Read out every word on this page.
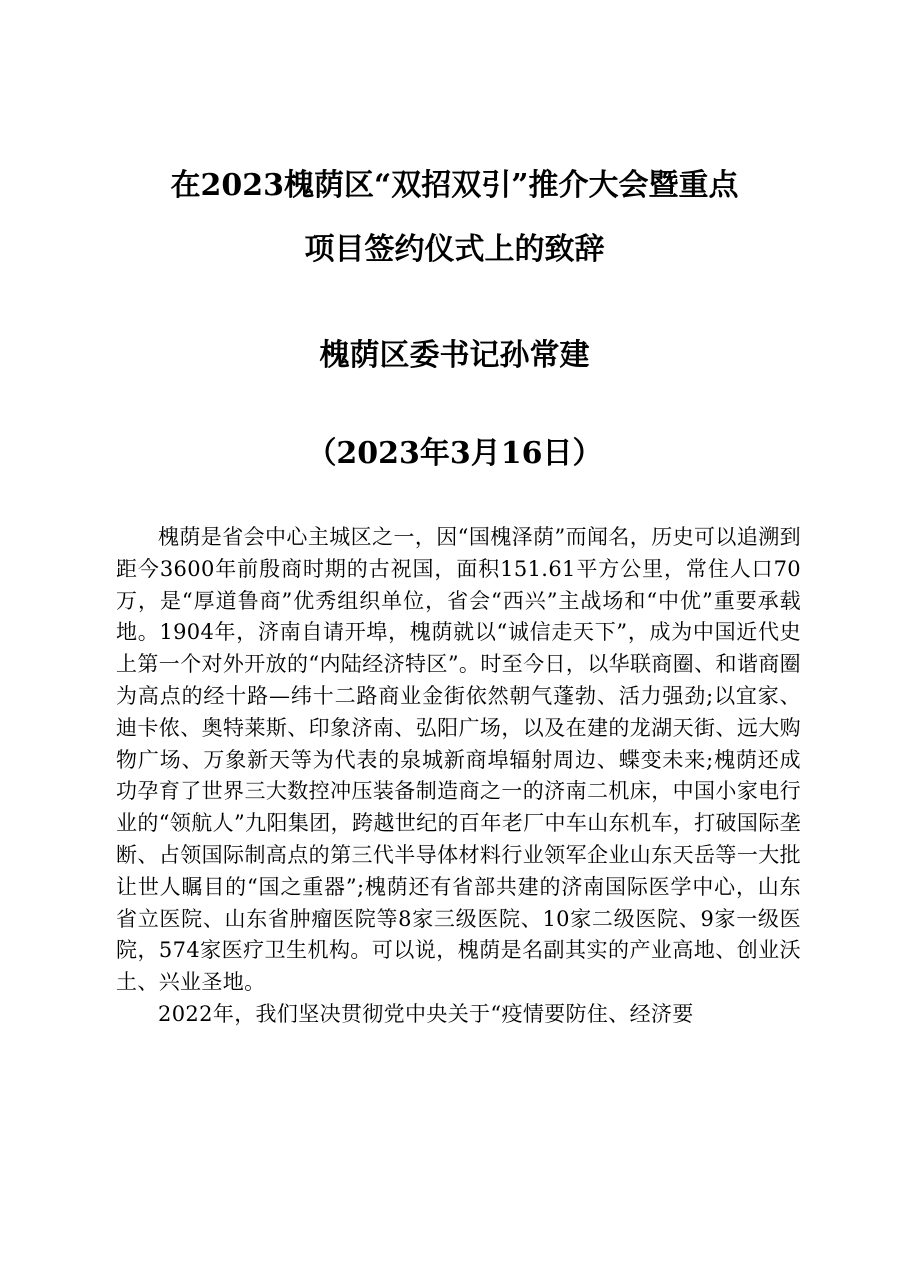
在2023槐荫区“双招双引”推介大会暨重点
项目签约仪式上的致辞
槐荫区委书记孙常建
（2023年3月16日）

槐荫是省会中心主城区之一，因“国槐泽荫”而闻名，历史可以追溯到距今3600年前殷商时期的古祝国，面积151.61平方公里，常住人口70万，是“厚道鲁商”优秀组织单位，省会“西兴”主战场和“中优”重要承载地。1904年，济南自请开埠，槐荫就以“诚信走天下”，成为中国近代史上第一个对外开放的“内陆经济特区”。时至今日，以华联商圈、和谐商圈为高点的经十路—纬十二路商业金街依然朝气蓬勃、活力强劲;以宜家、迪卡侬、奥特莱斯、印象济南、弘阳广场，以及在建的龙湖天街、远大购物广场、万象新天等为代表的泉城新商埠辐射周边、蝶变未来;槐荫还成功孕育了世界三大数控冲压装备制造商之一的济南二机床，中国小家电行业的“领航人”九阳集团，跨越世纪的百年老厂中车山东机车，打破国际垄断、占领国际制高点的第三代半导体材料行业领军企业山东天岳等一大批让世人瞩目的“国之重器”;槐荫还有省部共建的济南国际医学中心，山东省立医院、山东省肿瘤医院等8家三级医院、10家二级医院、9家一级医院，574家医疗卫生机构。可以说，槐荫是名副其实的产业高地、创业沃土、兴业圣地。

2022年，我们坚决贯彻党中央关于“疫情要防住、经济要
